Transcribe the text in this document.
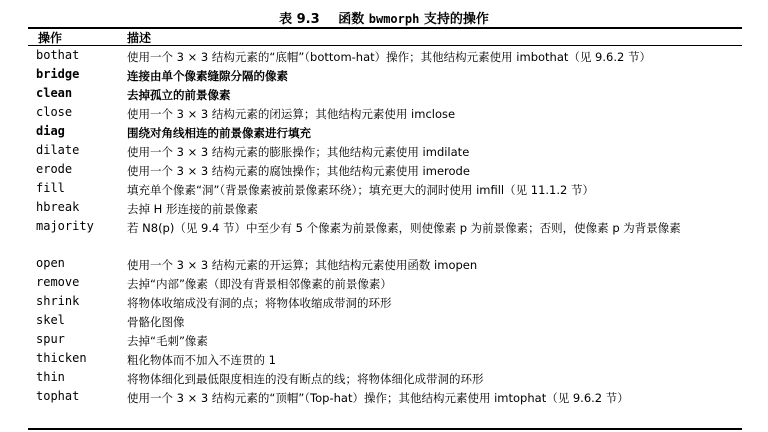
表 9.3 函数 bwmorph 支持的操作
操作	描述
bothat	使用一个 3 × 3 结构元素的“底帽”（bottom-hat）操作；其他结构元素使用 imbothat（见 9.6.2 节）
bridge	连接由单个像素缝隙分隔的像素
clean	去掉孤立的前景像素
close	使用一个 3 × 3 结构元素的闭运算；其他结构元素使用 imclose
diag	围绕对角线相连的前景像素进行填充
dilate	使用一个 3 × 3 结构元素的膨胀操作；其他结构元素使用 imdilate
erode	使用一个 3 × 3 结构元素的腐蚀操作；其他结构元素使用 imerode
fill	填充单个像素“洞”（背景像素被前景像素环绕）；填充更大的洞时使用 imfill（见 11.1.2 节）
hbreak	去掉 H 形连接的前景像素
majority	若 N8(p)（见 9.4 节）中至少有 5 个像素为前景像素，则使像素 p 为前景像素；否则，使像素 p 为背景像素
open	使用一个 3 × 3 结构元素的开运算；其他结构元素使用函数 imopen
remove	去掉“内部”像素（即没有背景相邻像素的前景像素）
shrink	将物体收缩成没有洞的点；将物体收缩成带洞的环形
skel	骨骼化图像
spur	去掉“毛刺”像素
thicken	粗化物体而不加入不连贯的 1
thin	将物体细化到最低限度相连的没有断点的线；将物体细化成带洞的环形
tophat	使用一个 3 × 3 结构元素的“顶帽”（Top-hat）操作；其他结构元素使用 imtophat（见 9.6.2 节）
